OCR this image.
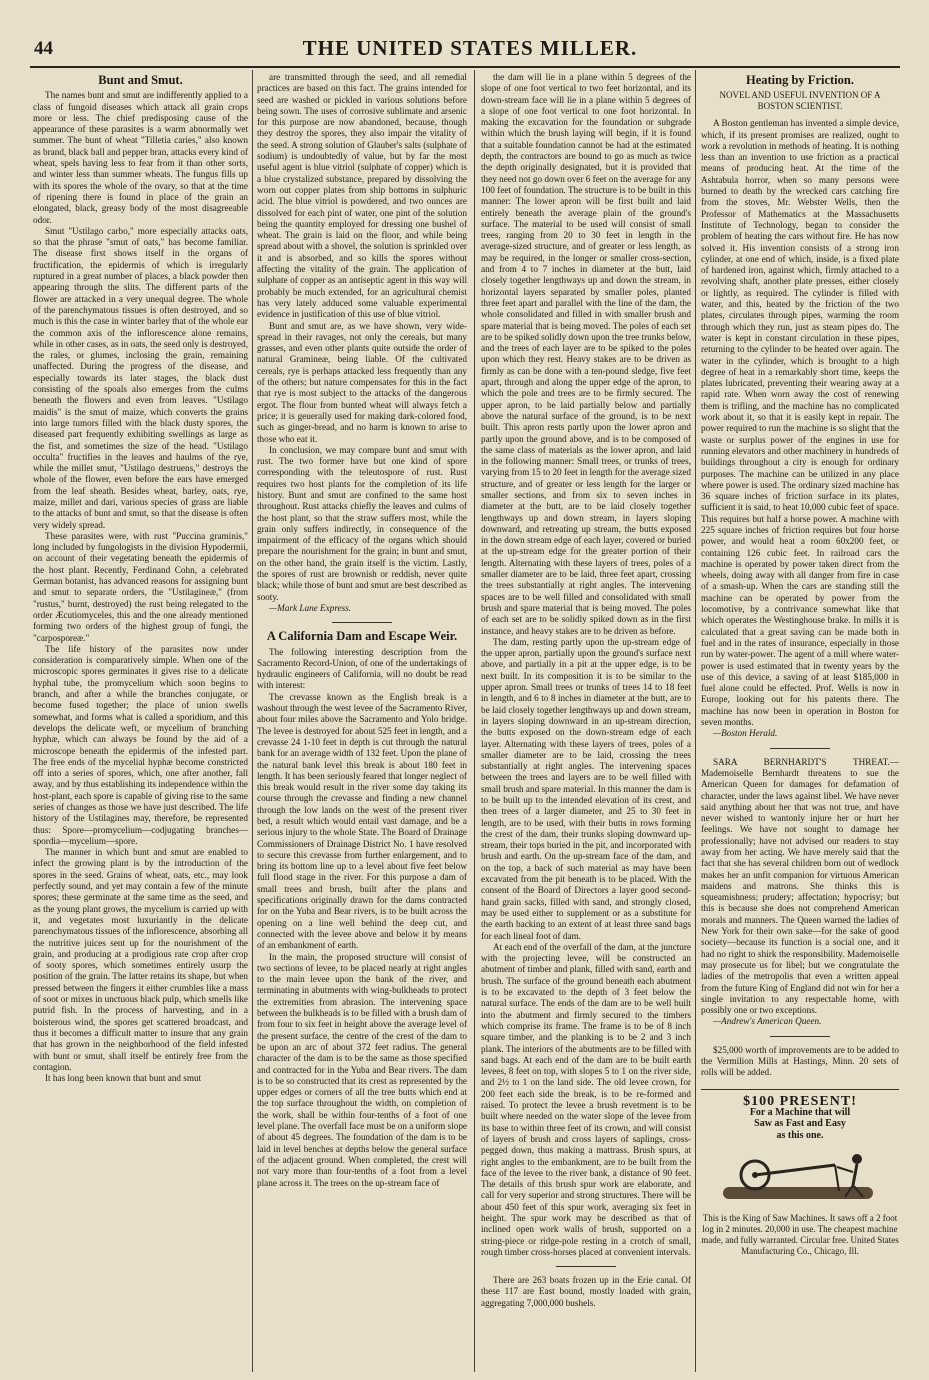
44	THE UNITED STATES MILLER.
Bunt and Smut.

The names bunt and smut are indifferently applied to a class of fungoid diseases which attack all grain crops more or less. The chief predisposing cause of the appearance of these parasites is a warm abnormally wet summer. The bunt of wheat "Tilletia caries," also known as brand, black ball and pepper bran, attacks every kind of wheat, spels having less to fear from it than other sorts, and winter less than summer wheats. The fungus fills up with its spores the whole of the ovary, so that at the time of ripening there is found in place of the grain an elongated, black, greasy body of the most disagreeable odor.

Smut "Ustilago carbo," more especially attacks oats, so that the phrase "smut of oats," has become familiar. The disease first shows itself in the organs of fructification, the epidermis of which is irregularly ruptured in a great number of places, a black powder then appearing through the slits. The different parts of the flower are attacked in a very unequal degree. The whole of the parenchymatous tissues is often destroyed, and so much is this the case in winter barley that of the whole ear the common axis of the inflorescence alone remains, while in other cases, as in oats, the seed only is destroyed, the rales, or glumes, inclosing the grain, remaining unaffected. During the progress of the disease, and especially towards its later stages, the black dust consisting of the spoals also emerges from the culms beneath the flowers and even from leaves. "Ustilago maidis" is the smut of maize, which converts the grains into large tumors filled with the black dusty spores, the diseased part frequently exhibiting swellings as large as the fist, and sometimes the size of the head. "Ustilago occulta" fructifies in the leaves and haulms of the rye, while the millet smut, "Ustilago destruens," destroys the whole of the flower, even before the ears have emerged from the leaf sheath. Besides wheat, barley, oats, rye, maize, millet and dari, various species of grass are liable to the attacks of bunt and smut, so that the disease is often very widely spread.

These parasites were, with rust "Puccina graminis," long included by fungologists in the division Hypodermii, on account of their vegetating beneath the epidermis of the host plant. Recently, Ferdinand Cohn, a celebrated German botanist, has advanced reasons for assigning bunt and smut to separate orders, the "Ustilagineæ," (from "rustus," burnt, destroyed) the rust being relegated to the order Æcutiomyceles, this and the one already mentioned forming two orders of the highest group of fungi, the "carposporeæ."

The life history of the parasites now under consideration is comparatively simple. When one of the microscopic spores germinates it gives rise to a delicate hyphal tube, the promycelium which soon begins to branch, and after a while the branches conjugate, or become fused together; the place of union swells somewhat, and forms what is called a sporidium, and this develops the delicate weft, or mycelium of branching hyphæ, which can always be found by the aid of a microscope beneath the epidermis of the infested part. The free ends of the mycelial hyphæ become constricted off into a series of spores, which, one after another, fall away, and by thus establishing its independence within the host-plant, each spore is capable of giving rise to the same series of changes as those we have just described. The life history of the Ustilagines may, therefore, be represented thus: Spore—promycelium—codjugating branches—spordia—mycelium—spore.

The manner in which bunt and smut are enabled to infect the growing plant is by the introduction of the spores in the seed. Grains of wheat, oats, etc., may look perfectly sound, and yet may contain a few of the minute spores; these germinate at the same time as the seed, and as the young plant grows, the mycelium is carried up with it, and vegetates most luxuriantly in the delicate parenchymatous tissues of the inflorescence, absorbing all the nutritive juices sent up for the nourishment of the grain, and producing at a prodigious rate crop after crop of sooty spores, which sometimes entirely usurp the position of the grain. The latter retains its shape, but when pressed between the fingers it either crumbles like a mass of soot or mixes in unctuous black pulp, which smells like putrid fish. In the process of harvesting, and in a boisterous wind, the spores get scattered broadcast, and thus it becomes a difficult matter to insure that any grain that has grown in the neighborhood of the field infested with bunt or smut, shall itself be entirely free from the contagion.

It has long been known that bunt and smut

are transmitted through the seed, and all remedial practices are based on this fact. The grains intended for seed are washed or pickled in various solutions before being sown. The uses of corrosive sublimate and arsenic for this purpose are now abandoned, because, though they destroy the spores, they also impair the vitality of the seed. A strong solution of Glauber's salts (sulphate of sodium) is undoubtedly of value, but by far the most useful agent is blue vitriol (sulphate of copper) which is a blue crystalized substance, prepared by dissolving the worn out copper plates from ship bottoms in sulphuric acid. The blue vitriol is powdered, and two ounces are dissolved for each pint of water, one pint of the solution being the quantity employed for dressing one bushel of wheat. The grain is laid on the floor, and while being spread about with a shovel, the solution is sprinkled over it and is absorbed, and so kills the spores without affecting the vitality of the grain. The application of sulphate of copper as an antiseptic agent in this way will probably be much extended, for an agricultural chemist has very lately adduced some valuable experimental evidence in justification of this use of blue vitriol.

Bunt and smut are, as we have shown, very wide-spread in their ravages, not only the cereals, but many grasses, and even other plants quite outside the order of natural Gramineæ, being liable. Of the cultivated cereals, rye is perhaps attacked less frequently than any of the others; but nature compensates for this in the fact that rye is most subject to the attacks of the dangerous ergot. The flour from bunted wheat will always fetch a price; it is geuerally used for making dark-colored food, such as ginger-bread, and no harm is known to arise to those who eat it.

In conclusion, we may compare bunt and smut with rust. The two former have but one kind of spore corresponding with the teleutospore of rust. Rust requires two host plants for the completion of its life history. Bunt and smut are confined to the same host throughout. Rust attacks chiefly the leaves and culms of the host plant, so that the straw suffers most, while the grain only suffers indirectly, in consequence of the impairment of the efficacy of the organs which should prepare the nourishment for the grain; in bunt and smut, on the other hand, the grain itself is the victim. Lastly, the spores of rust are brownish or reddish, never quite black; while those of bunt and smut are best described as sooty.

—Mark Lane Express.

A California Dam and Escape Weir.

The following interesting description from the Sacramento Record-Union, of one of the undertakings of hydraulic engineers of California, will no doubt be read with interest:

The crevasse known as the English break is a washout through the west levee of the Sacramento River, about four miles above the Sacramento and Yolo bridge. The levee is destroyed for about 525 feet in length, and a crevasse 24 1-10 feet in depth is cut through the natural bank for an average width of 132 feet. Upon the plane of the natural bank level this break is about 180 feet in length. It has been seriously feared that longer neglect of this break would result in the river some day taking its course through the crevasse and finding a new channel through the low lands on the west of the present river bed, a result which would entail vast damage, and be a serious injury to the whole State. The Board of Drainage Commissioners of Drainage District No. 1 have resolved to secure this crevasse from further enlargement, and to bring its bottom line up to a level about five feet below full flood stage in the river. For this purpose a dam of small trees and brush, built after the plans and specifications originally drawn for the dams contracted for on the Yuba and Bear rivers, is to be built across the opening on a line well behind the deep cut, and connected with the levee above and below it by means of an embankment of earth.

In the main, the proposed structure will consist of two sections of levee, to be placed nearly at right angles to the main levee upon the bank of the river, and terminating in abutments with wing-bulkheads to protect the extremities from abrasion. The intervening space between the bulkheads is to be filled with a brush dam of from four to six feet in height above the average level of the present surface, the centre of the crest of the dam to be upon an arc of about 372 feet radius. The general character of the dam is to be the same as those specified and contracted for in the Yuba and Bear rivers. The dam is to be so constructed that its crest as represented by the upper edges or corners of all the tree butts which end at the top surface throughout the width, on completion of the work, shall be within four-tenths of a foot of one level plane. The overfall face must be on a uniform slope of about 45 degrees. The foundation of the dam is to be laid in level benches at depths below the general surface of the adjacent ground. When completed, the crest will not vary more than four-tenths of a foot from a level plane across it. The trees on the up-stream face of

the dam will lie in a plane within 5 degrees of the slope of one foot vertical to two feet horizontal, and its down-stream face will lie in a plane within 5 degrees of a slope of one foot vertical to one foot horizontal. In making the excavation for the foundation or subgrade within which the brush laying will begin, if it is found that a suitable foundation cannot be had at the estimated depth, the contractors are bound to go as much as twice the depth originally designated, but it is provided that they need not go down over 6 feet on the average for any 100 feet of foundation. The structure is to be built in this manner: The lower apron will be first built and laid entirely beneath the average plain of the ground's surface. The material to be used will consist of small trees, ranging from 20 to 30 feet in length in the average-sized structure, and of greater or less length, as may be required, in the longer or smaller cross-section, and from 4 to 7 inches in diameter at the butt, laid closely together lengthways up and down the stream, in horizontal layers separated by smaller poles, planted three feet apart and parallel with the line of the dam, the whole consolidated and filled in with smaller brush and spare material that is being moved. The poles of each set are to be spiked solidly down upon the tree trunks below, and the trees of each layer are to be spiked to the poles upon which they rest. Heavy stakes are to be driven as firmly as can be done with a ten-pound sledge, five feet apart, through and along the upper edge of the apron, to which the pole and trees are to be firmly secured. The upper apron, to be laid partially below and partially above the natural surface of the ground, is to be next built. This apron rests partly upon the lower apron and partly upon the ground above, and is to be composed of the same class of materials as the lower apron, and laid in the following manner: Small trees, or trunks of trees, varying from 15 to 20 feet in length for the average sized structure, and of greater or less length for the larger or smaller sections, and from six to seven inches in diameter at the butt, are to be laid closely together lengthways up and down stream, in layers sloping downward, and retreating up stream, the butts exposed in the down stream edge of each layer, covered or buried at the up-stream edge for the greater portion of their length. Alternating with these layers of trees, poles of a smaller diameter are to be laid, three feet apart, crossing the trees substantially at right angles. The intervening spaces are to be well filled and consolidated with small brush and spare material that is being moved. The poles of each set are to be solidly spiked down as in the first instance, and heavy stakes are to be driven as before.

The dam, resting partly upon the up-stream edge of the upper apron, partially upon the ground's surface next above, and partially in a pit at the upper edge, is to be next built. In its composition it is to be similar to the upper apron. Small trees or trunks of trees 14 to 18 feet in length, and 6 to 8 inches in diameter at the butt, are to be laid closely together lengthways up and down stream, in layers sloping downward in an up-stream direction, the butts exposed on the down-stream edge of each layer. Alternating with these layers of trees, poles of a smaller diameter are to be laid, crossing the trees substantially at right angles. The intervening spaces between the trees and layers are to be well filled with small brush and spare material. In this manner the dam is to be built up to the intended elevation of its crest, and then trees of a larger diameter, and 25 to 30 feet in length, are to be used, with their butts in rows forming the crest of the dam, their trunks sloping downward up-stream, their tops buried in the pit, and incorporated with brush and earth. On the up-stream face of the dam, and on the top, a back of such material as may have been excavated from the pit beneath is to be placed. With the consent of the Board of Directors a layer good second-hand grain sacks, filled with sand, and strongly closed, may be used either to supplement or as a substitute for the earth backing to an extent of at least three sand bags for each lineal foot of dam.

At each end of the overfall of the dam, at the juncture with the projecting levee, will be constructed an abutment of timber and plank, filled with sand, earth and brush. The surface of the ground beneath each abutment is to be excavated to the depth of 3 feet below the natural surface. The ends of the dam are to be well built into the abutment and firmly secured to the timbers which comprise its frame. The frame is to be of 8 inch square timber, and the planking is to be 2 and 3 inch plank. The interiors of the abutments are to be filled with sand bags. At each end of the dam are to be built earth levees, 8 feet on top, with slopes 5 to 1 on the river side, and 2½ to 1 on the land side. The old levee crown, for 200 feet each side the break, is to be re-formed and raised. To protect the levee a brush revetment is to be built where needed on the water slope of the levee from its base to within three feet of its crown, and will consist of layers of brush and cross layers of saplings, cross-pegged down, thus making a mattrass. Brush spurs, at right angles to the embankment, are to be built from the face of the levee to the river bank, a distance of 90 feet. The details of this brush spur work are elaborate, and call for very superior and strong structures. There will be about 450 feet of this spur work, averaging six feet in height. The spur work may be described as that of inclined open work walls of brush, supported on a string-piece or ridge-pole resting in a crotch of small, rough timber cross-horses placed at convenient intervals.

There are 263 boats frozen up in the Erie canal. Of these 117 are East bound, mostly loaded with grain, aggregating 7,000,000 bushels.

Heating by Friction.
NOVEL AND USEFUL INVENTION OF A BOSTON SCIENTIST.

A Boston gentleman has invented a simple device, which, if its present promises are realized, ought to work a revolution in methods of heating. It is nothing less than an invention to use friction as a practical means of producing heat. At the time of the Ashtabula horror, when so many persons were burned to death by the wrecked cars catching fire from the stoves, Mr. Webster Wells, then the Professor of Mathematics at the Massachusetts Institute of Technology, began to consider the problem of heating the cars without fire. He has now solved it. His invention consists of a strong iron cylinder, at one end of which, inside, is a fixed plate of hardened iron, against which, firmly attached to a revolving shaft, another plate presses, either closely or lightly, as required. The cylinder is filled with water, and this, heated by the friction of the two plates, circulates through pipes, warming the room through which they run, just as steam pipes do. The water is kept in constant circulation in these pipes, returning to the cylinder to be heated over again. The water in the cylinder, which is brought to a high degree of heat in a remarkably short time, keeps the plates lubricated, preventing their wearing away at a rapid rate. When worn away the cost of renewing them is trifling, and the machine has no complicated work about it, so that it is easily kept in repair. The power required to run the machine is so slight that the waste or surplus power of the engines in use for running elevators and other machinery in hundreds of buildings throughout a city is enough for ordinary purposes. The machine can be utilized in any place where power is used. The ordinary sized machine has 36 square inches of friction surface in its plates, sufficient it is said, to heat 10,000 cubic feet of space. This requires but half a horse power. A machine with 225 square inches of friction requires but four horse power, and would heat a room 60x200 feet, or containing 126 cubic feet. In railroad cars the machine is operated by power taken direct from the wheels, doing away with all danger from fire in case of a smash-up. When the cars are standing still the machine can be operated by power from the locomotive, by a contrivance somewhat like that which operates the Westinghouse brake. In mills it is calculated that a great saving can be made both in fuel and in the rates of insurance, especially in those run by water-power. The agent of a mill where water-power is used estimated that in twenty years by the use of this device, a saving of at least $185,000 in fuel alone could be effected. Prof. Wells is now in Europe, looking out for his patents there. The machine has now been in operation in Boston for seven months.

—Boston Herald.

SARA BERNHARDT'S THREAT.—Mademoiselle Bernhardt threatens to sue the American Queen for damages for defamation of character, under the laws against libel. We have never said anything about her that was not true, and have never wished to wantonly injure her or hurt her feelings. We have not sought to damage her professionally; have not advised our readers to stay away from her acting. We have merely said that the fact that she has several children born out of wedlock makes her an unfit companion for virtuous American maidens and matrons. She thinks this is squeamishness; prudery; affectation; hypocrisy; but this is because she does not comprehend American morals and manners. The Queen warned the ladies of New York for their own sake—for the sake of good society—because its function is a social one, and it had no right to shirk the responsibility. Mademoiselle may prosecute us for libel; but we congratulate the ladies of the metropolis that even a written appeal from the future King of England did not win for her a single invitation to any respectable home, with possibly one or two exceptions.

—Andrew's American Queen.

$25,000 worth of improvements are to be added to the Vermilion Mills at Hastings, Minn. 20 sets of rolls will be added.

$100 PRESENT!
For a Machine that will
Saw as Fast and Easy
as this one.
This is the King of Saw Machines. It saws off a 2 foot log in 2 minutes. 20,000 in use. The cheapest machine made, and fully warranted. Circular free. United States Manufacturing Co., Chicago, Ill.
